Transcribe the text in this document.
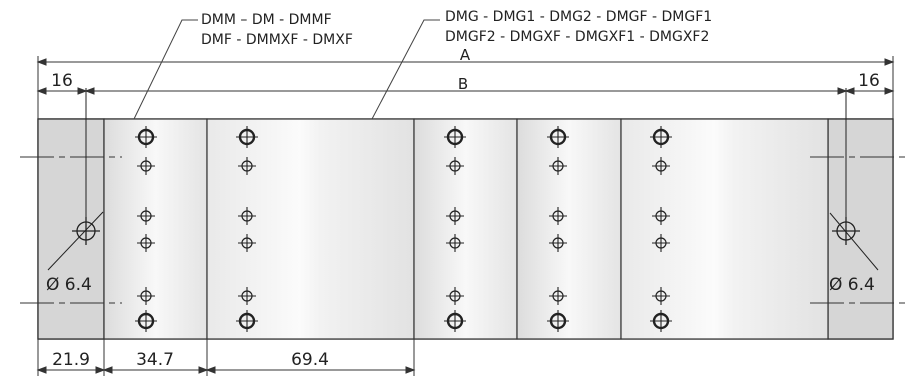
DMM – DM - DMMF
DMF - DMMXF - DMXF
DMG - DMG1 - DMG2 - DMGF - DMGF1
DMGF2 - DMGXF - DMGXF1 - DMGXF2
A
B
16	16
Ø 6.4	Ø 6.4
21.9	34.7	69.4
